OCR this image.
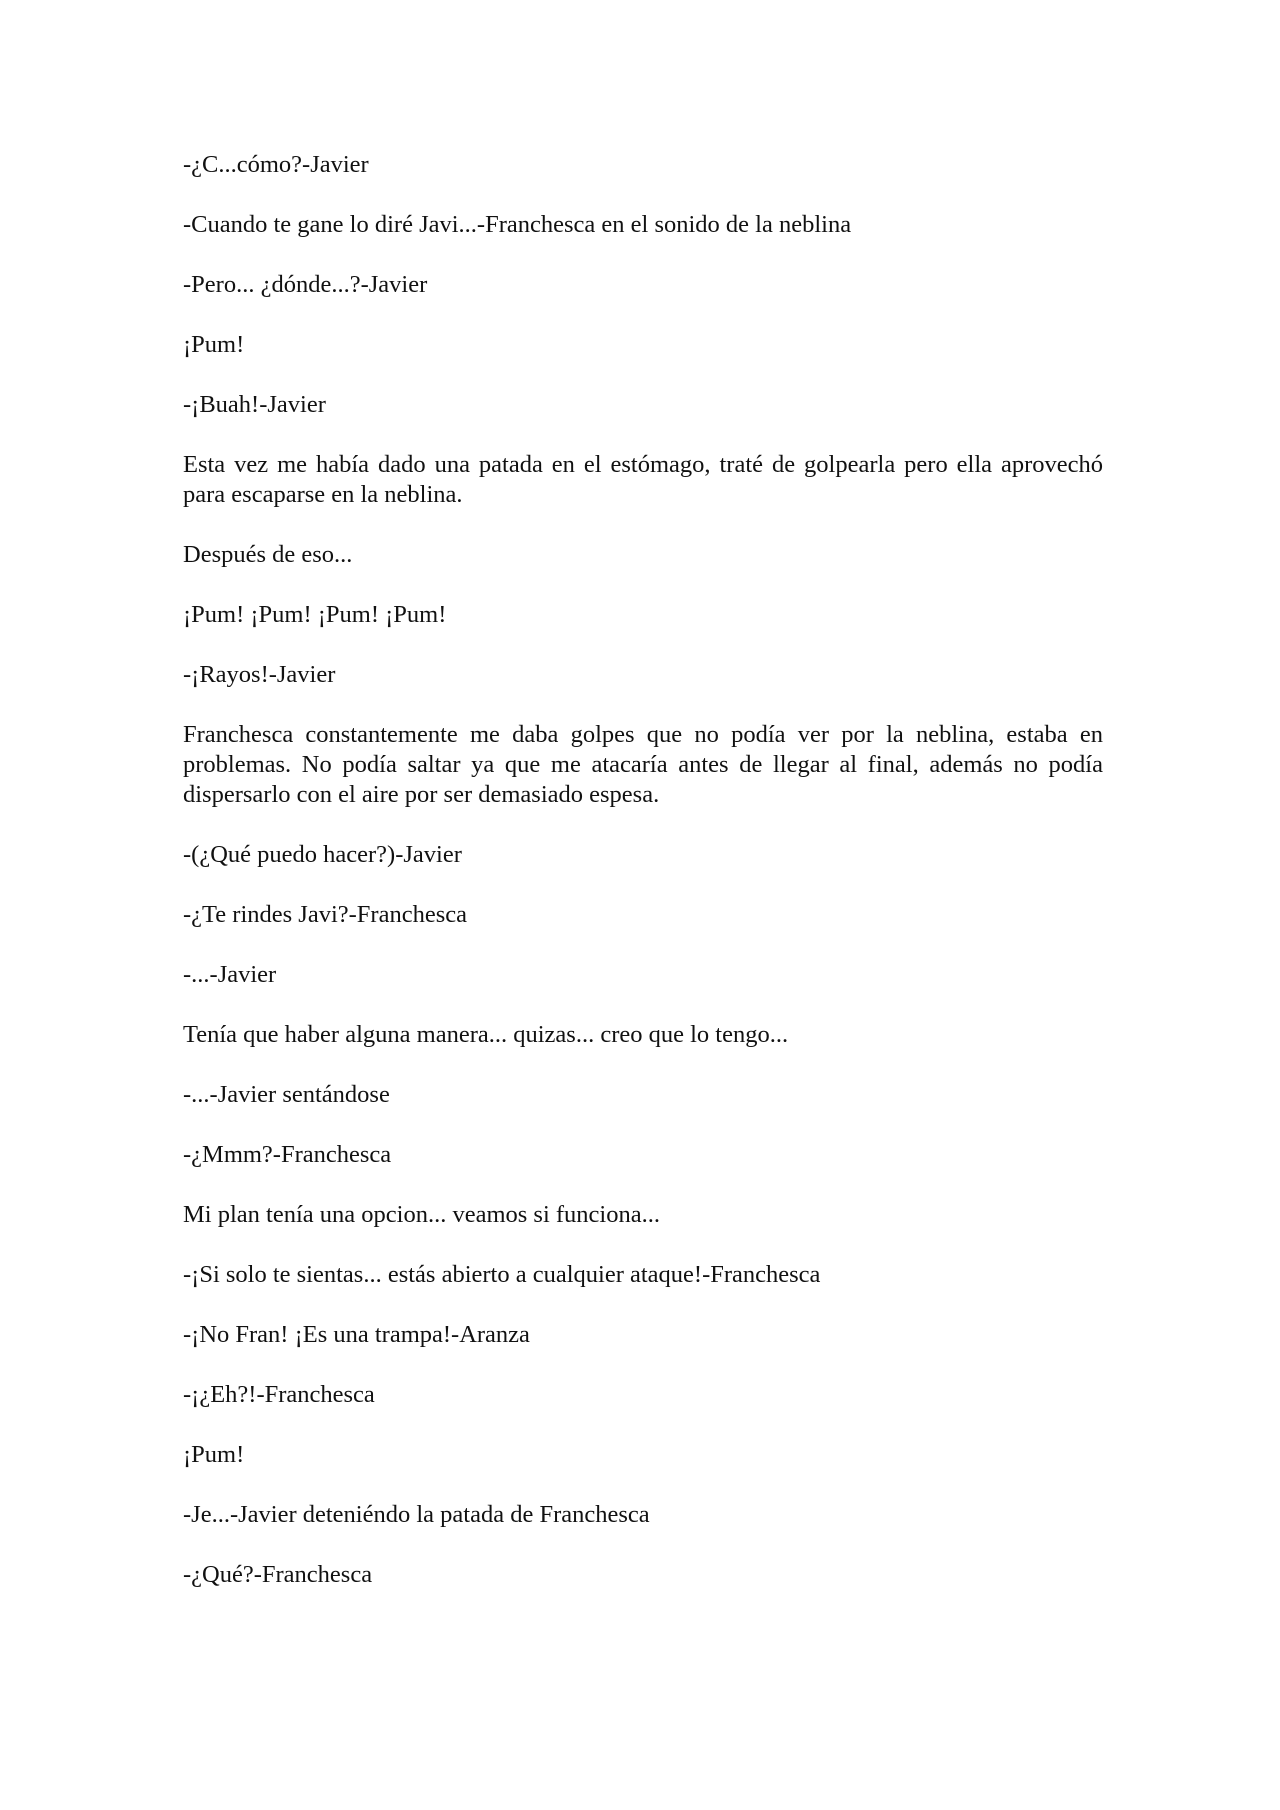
-¿C...cómo?-Javier

-Cuando te gane lo diré Javi...-Franchesca en el sonido de la neblina

-Pero... ¿dónde...?-Javier

¡Pum!

-¡Buah!-Javier

Esta vez me había dado una patada en el estómago, traté de golpearla pero ella aprovechó para escaparse en la neblina.

Después de eso...

¡Pum! ¡Pum! ¡Pum! ¡Pum!

-¡Rayos!-Javier

Franchesca constantemente me daba golpes que no podía ver por la neblina, estaba en problemas. No podía saltar ya que me atacaría antes de llegar al final, además no podía dispersarlo con el aire por ser demasiado espesa.

-(¿Qué puedo hacer?)-Javier

-¿Te rindes Javi?-Franchesca

-...-Javier

Tenía que haber alguna manera... quizas... creo que lo tengo...

-...-Javier sentándose

-¿Mmm?-Franchesca

Mi plan tenía una opcion... veamos si funciona...

-¡Si solo te sientas... estás abierto a cualquier ataque!-Franchesca

-¡No Fran! ¡Es una trampa!-Aranza

-¡¿Eh?!-Franchesca

¡Pum!

-Je...-Javier deteniéndo la patada de Franchesca

-¿Qué?-Franchesca
